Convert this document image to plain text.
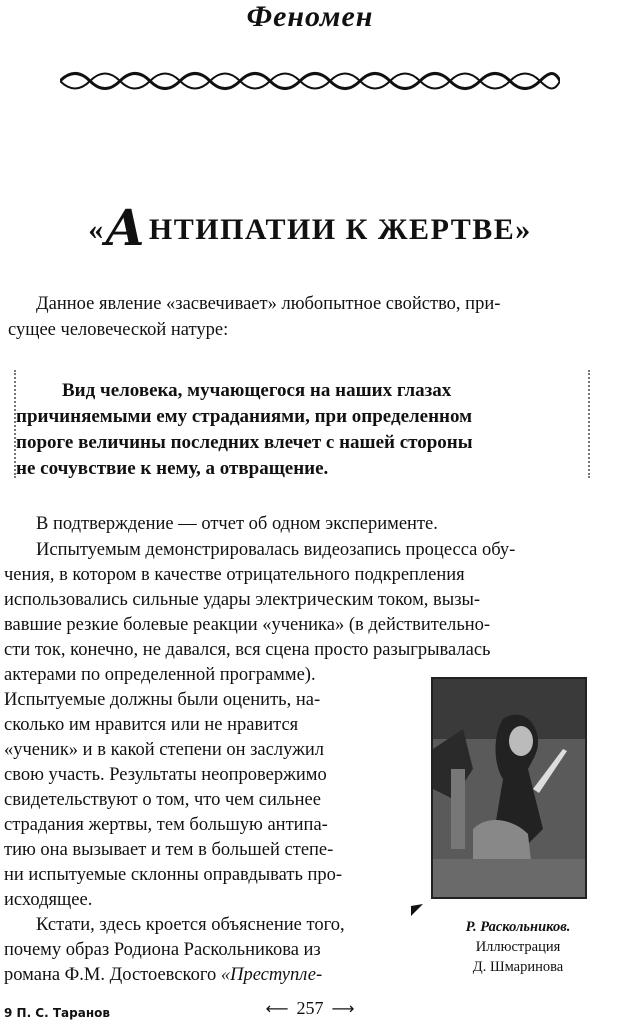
Феномен
«АНТИПАТИИ К ЖЕРТВЕ»
Данное явление «засвечивает» любопытное свойство, при-
сущее человеческой натуре:
Вид человека, мучающегося на наших глазах
причиняемыми ему страданиями, при определенном
пороге величины последних влечет с нашей стороны
не сочувствие к нему, а отвращение.
В подтверждение — отчет об одном эксперименте.
Испытуемым демонстрировалась видеозапись процесса обу-
чения, в котором в качестве отрицательного подкрепления
использовались сильные удары электрическим током, вызы-
вавшие резкие болевые реакции «ученика» (в действительно-
сти ток, конечно, не давался, вся сцена просто разыгрывалась
актерами по определенной программе).
Испытуемые должны были оценить, на-
сколько им нравится или не нравится
«ученик» и в какой степени он заслужил
свою участь. Результаты неопровержимо
свидетельствуют о том, что чем сильнее
страдания жертвы, тем большую антипа-
тию она вызывает и тем в большей степе-
ни испытуемые склонны оправдывать про-
исходящее.
Кстати, здесь кроется объяснение того,
почему образ Родиона Раскольникова из
романа Ф.М. Достоевского «Преступле-
Р. Раскольников.
Иллюстрация
Д. Шмаринова
9 П. С. Таранов	⟵ 257 ⟶
